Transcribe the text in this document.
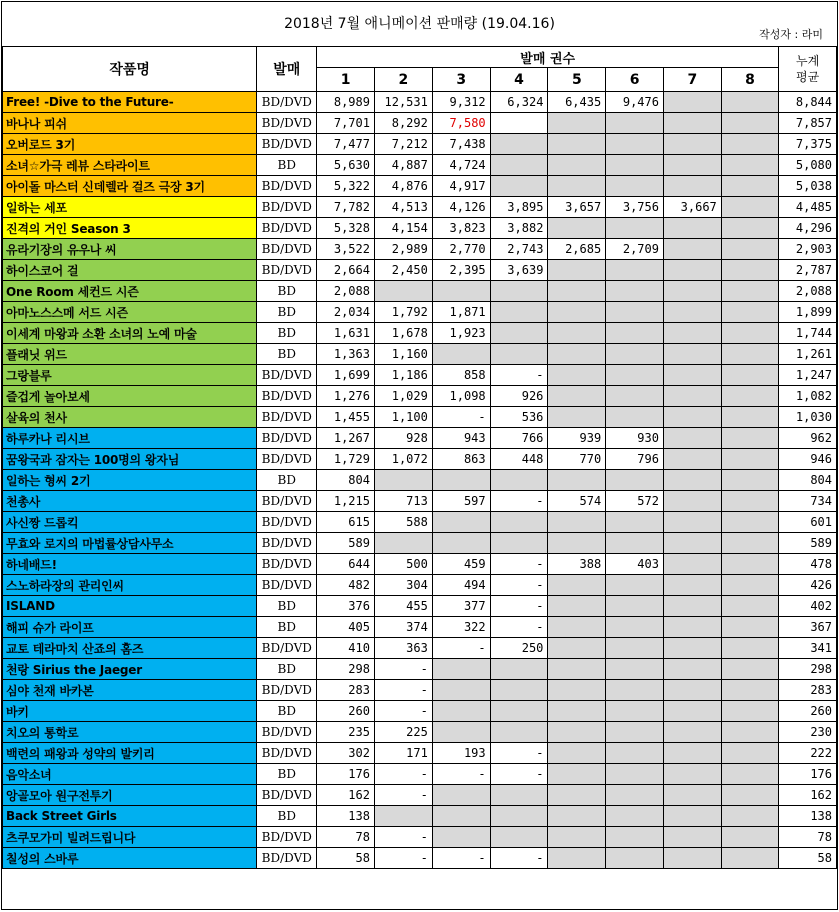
2018년 7월 애니메이션 판매량 (19.04.16)
작성자 : 라미
작품명	발매	발매 권수								누계
평균
		1	2	3	4	5	6	7	8	
Free! -Dive to the Future-	BD/DVD	8,989	12,531	9,312	6,324	6,435	9,476			8,844
바나나 피쉬	BD/DVD	7,701	8,292	7,580						7,857
오버로드 3기	BD/DVD	7,477	7,212	7,438						7,375
소녀☆가극 레뷰 스타라이트	BD	5,630	4,887	4,724						5,080
아이돌 마스터 신데렐라 걸즈 극장 3기	BD/DVD	5,322	4,876	4,917						5,038
일하는 세포	BD/DVD	7,782	4,513	4,126	3,895	3,657	3,756	3,667		4,485
진격의 거인 Season 3	BD/DVD	5,328	4,154	3,823	3,882					4,296
유라기장의 유우나 씨	BD/DVD	3,522	2,989	2,770	2,743	2,685	2,709			2,903
하이스코어 걸	BD/DVD	2,664	2,450	2,395	3,639					2,787
One Room 세컨드 시즌	BD	2,088								2,088
아마노스스메 서드 시즌	BD	2,034	1,792	1,871						1,899
이세계 마왕과 소환 소녀의 노예 마술	BD	1,631	1,678	1,923						1,744
플래닛 위드	BD	1,363	1,160							1,261
그랑블루	BD/DVD	1,699	1,186	858	-					1,247
즐겁게 놀아보세	BD/DVD	1,276	1,029	1,098	926					1,082
살육의 천사	BD/DVD	1,455	1,100	-	536					1,030
하루카나 리시브	BD/DVD	1,267	928	943	766	939	930			962
꿈왕국과 잠자는 100명의 왕자님	BD/DVD	1,729	1,072	863	448	770	796			946
일하는 형씨 2기	BD	804								804
천총사	BD/DVD	1,215	713	597	-	574	572			734
사신짱 드롭킥	BD/DVD	615	588							601
무효와 로지의 마법률상담사무소	BD/DVD	589								589
하네배드!	BD/DVD	644	500	459	-	388	403			478
스노하라장의 관리인씨	BD/DVD	482	304	494	-					426
ISLAND	BD	376	455	377	-					402
해피 슈가 라이프	BD	405	374	322	-					367
교토 테라마치 산죠의 홈즈	BD/DVD	410	363	-	250					341
천랑 Sirius the Jaeger	BD	298	-							298
심야 천재 바카본	BD/DVD	283	-							283
바키	BD	260	-							260
치오의 통학로	BD/DVD	235	225							230
백련의 패왕과 성약의 발키리	BD/DVD	302	171	193	-					222
음악소녀	BD	176	-	-	-					176
앙골모아 원구전투기	BD/DVD	162	-							162
Back Street Girls	BD	138								138
츠쿠모가미 빌려드립니다	BD/DVD	78	-							78
칠성의 스바루	BD/DVD	58	-	-	-					58
